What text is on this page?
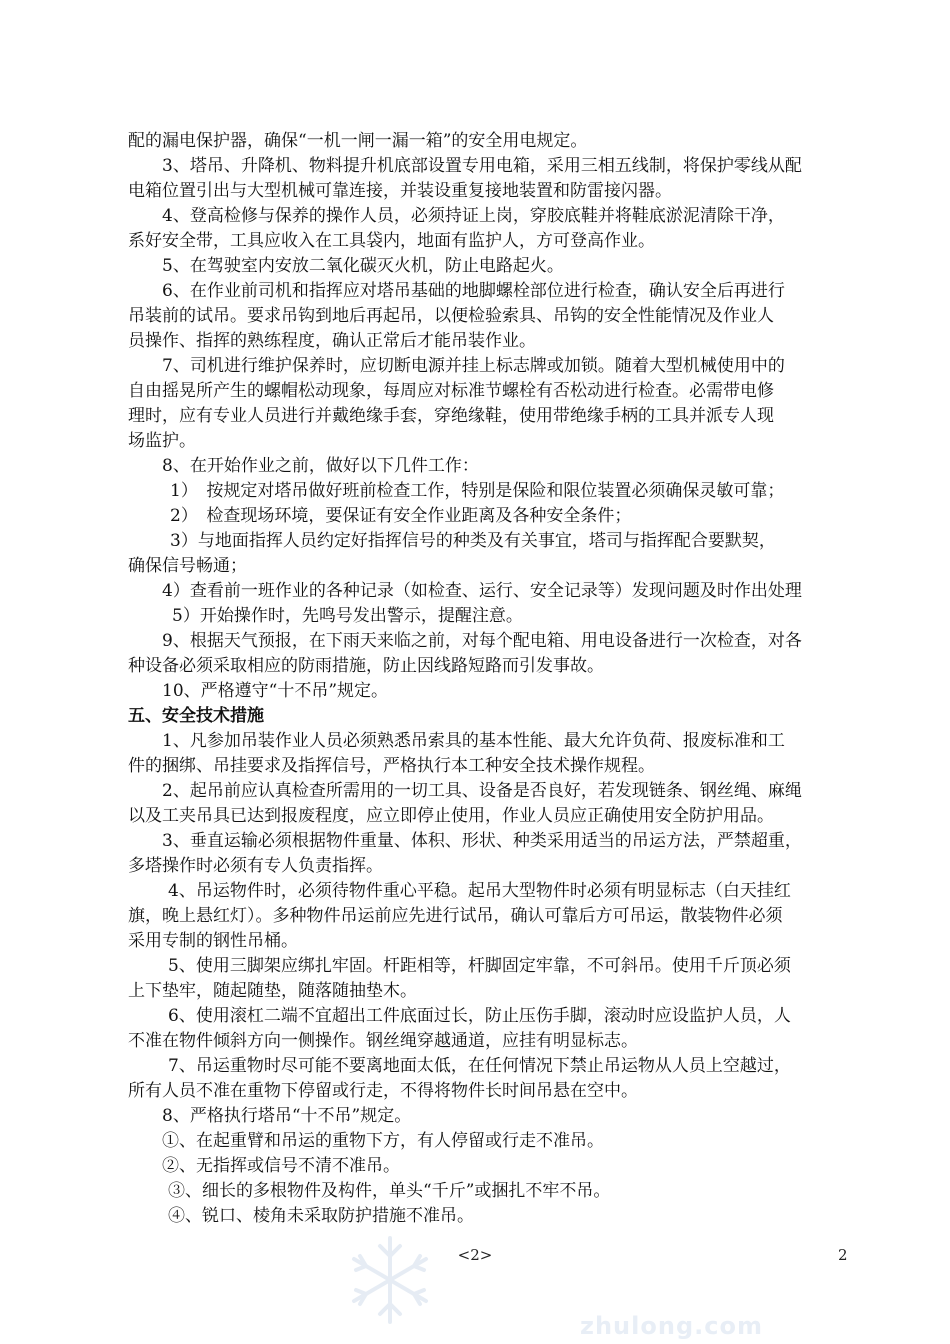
配的漏电保护器，确保“一机一闸一漏一箱”的安全用电规定。
3、塔吊、升降机、物料提升机底部设置专用电箱，采用三相五线制，将保护零线从配
电箱位置引出与大型机械可靠连接，并装设重复接地装置和防雷接闪器。
4、登高检修与保养的操作人员，必须持证上岗，穿胶底鞋并将鞋底淤泥清除干净，
系好安全带，工具应收入在工具袋内，地面有监护人，方可登高作业。
5、在驾驶室内安放二氧化碳灭火机，防止电路起火。
6、在作业前司机和指挥应对塔吊基础的地脚螺栓部位进行检查，确认安全后再进行
吊装前的试吊。要求吊钩到地后再起吊，以便检验索具、吊钩的安全性能情况及作业人
员操作、指挥的熟练程度，确认正常后才能吊装作业。
7、司机进行维护保养时，应切断电源并挂上标志牌或加锁。随着大型机械使用中的
自由摇晃所产生的螺帽松动现象，每周应对标准节螺栓有否松动进行检查。必需带电修
理时，应有专业人员进行并戴绝缘手套，穿绝缘鞋，使用带绝缘手柄的工具并派专人现
场监护。
8、在开始作业之前，做好以下几件工作：
1）　按规定对塔吊做好班前检查工作，特别是保险和限位装置必须确保灵敏可靠；
2）　检查现场环境，要保证有安全作业距离及各种安全条件；
3）与地面指挥人员约定好指挥信号的种类及有关事宜，塔司与指挥配合要默契，
确保信号畅通；
4）查看前一班作业的各种记录（如检查、运行、安全记录等）发现问题及时作出处理
5）开始操作时，先鸣号发出警示，提醒注意。
9、根据天气预报，在下雨天来临之前，对每个配电箱、用电设备进行一次检查，对各
种设备必须采取相应的防雨措施，防止因线路短路而引发事故。
10、严格遵守“十不吊”规定。
五、安全技术措施
1、凡参加吊装作业人员必须熟悉吊索具的基本性能、最大允许负荷、报废标准和工
件的捆绑、吊挂要求及指挥信号，严格执行本工种安全技术操作规程。
2、起吊前应认真检查所需用的一切工具、设备是否良好，若发现链条、钢丝绳、麻绳
以及工夹吊具已达到报废程度，应立即停止使用，作业人员应正确使用安全防护用品。
3、垂直运输必须根据物件重量、体积、形状、种类采用适当的吊运方法，严禁超重，
多塔操作时必须有专人负责指挥。
4、吊运物件时，必须待物件重心平稳。起吊大型物件时必须有明显标志（白天挂红
旗，晚上悬红灯）。多种物件吊运前应先进行试吊，确认可靠后方可吊运，散装物件必须
采用专制的钢性吊桶。
5、使用三脚架应绑扎牢固。杆距相等，杆脚固定牢靠，不可斜吊。使用千斤顶必须
上下垫牢，随起随垫，随落随抽垫木。
6、使用滚杠二端不宜超出工件底面过长，防止压伤手脚，滚动时应设监护人员，人
不准在物件倾斜方向一侧操作。钢丝绳穿越通道，应挂有明显标志。
7、吊运重物时尽可能不要离地面太低，在任何情况下禁止吊运物从人员上空越过，
所有人员不准在重物下停留或行走，不得将物件长时间吊悬在空中。
8、严格执行塔吊“十不吊”规定。
①、在起重臂和吊运的重物下方，有人停留或行走不准吊。
②、无指挥或信号不清不准吊。
③、细长的多根物件及构件，单头“千斤”或捆扎不牢不吊。
④、锐口、棱角未采取防护措施不准吊。
zhulong.com
<2>	2
